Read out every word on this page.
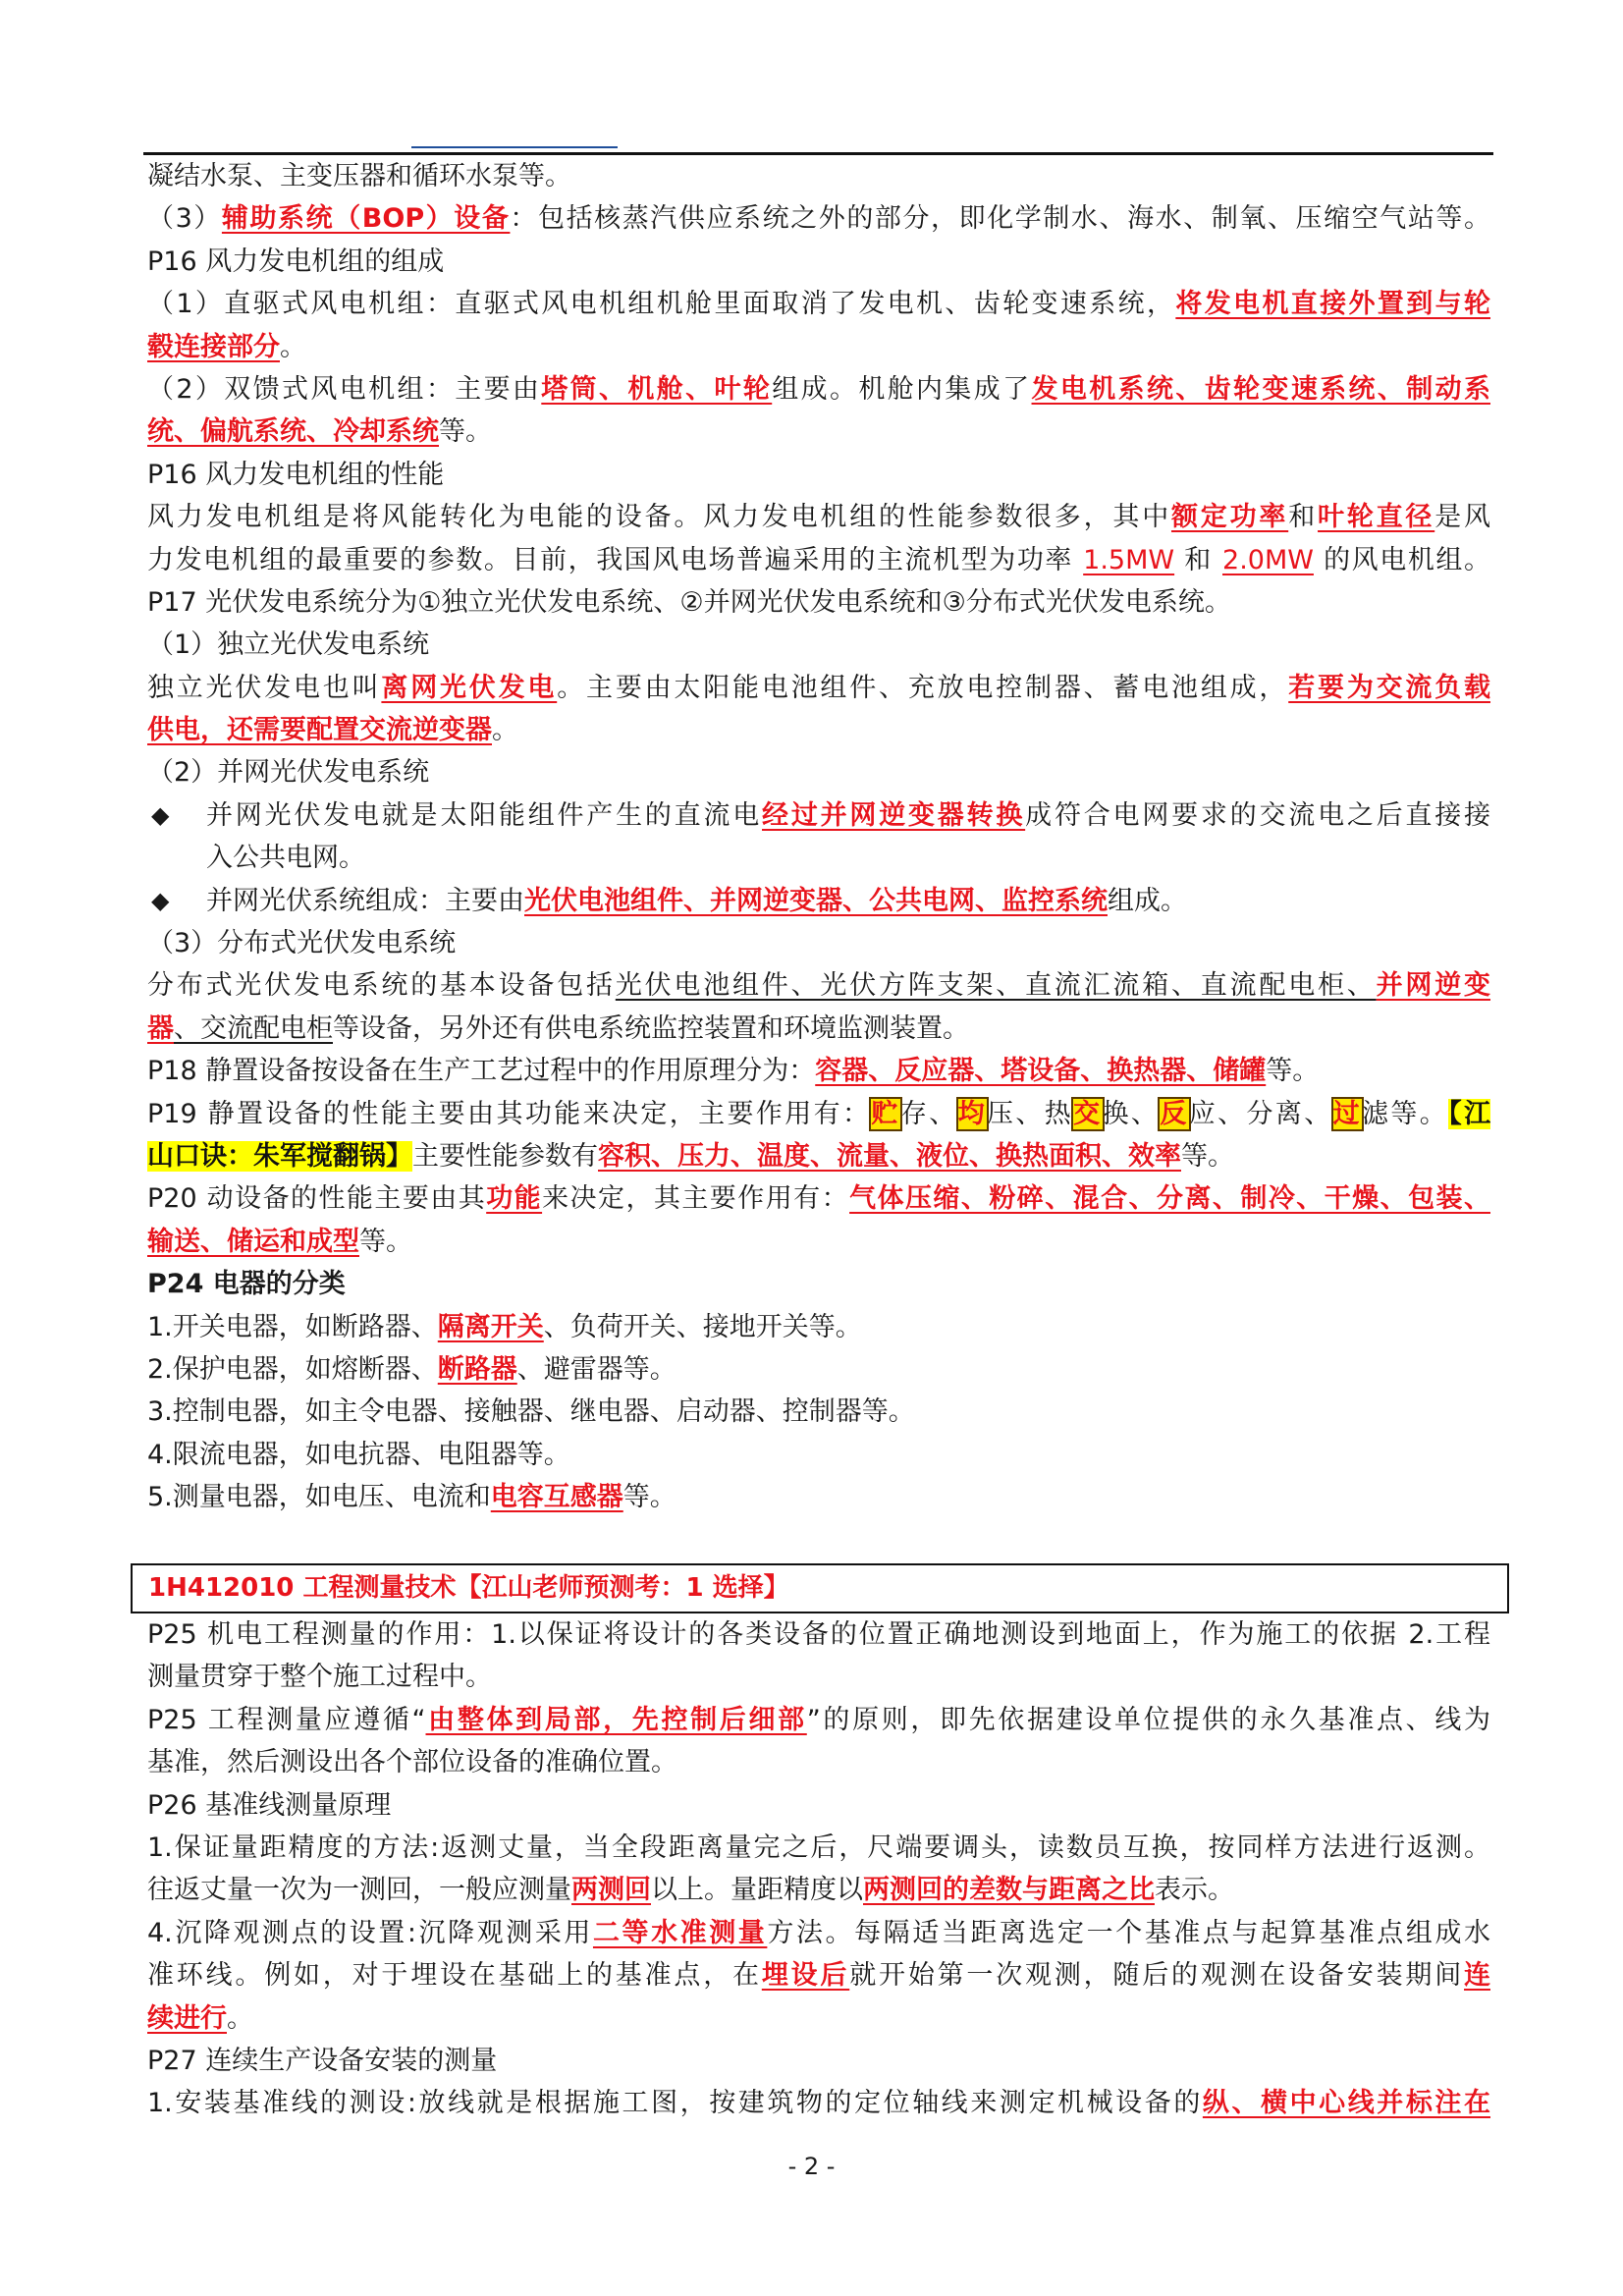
凝结水泵、主变压器和循环水泵等。
（3）辅助系统（BOP）设备：包括核蒸汽供应系统之外的部分，即化学制水、海水、制氧、压缩空气站等。
P16 风力发电机组的组成
（1）直驱式风电机组：直驱式风电机组机舱里面取消了发电机、齿轮变速系统，将发电机直接外置到与轮
毂连接部分。
（2）双馈式风电机组：主要由塔筒、机舱、叶轮组成。机舱内集成了发电机系统、齿轮变速系统、制动系
统、偏航系统、冷却系统等。
P16 风力发电机组的性能
风力发电机组是将风能转化为电能的设备。风力发电机组的性能参数很多，其中额定功率和叶轮直径是风
力发电机组的最重要的参数。目前，我国风电场普遍采用的主流机型为功率 1.5MW 和 2.0MW 的风电机组。
P17 光伏发电系统分为①独立光伏发电系统、②并网光伏发电系统和③分布式光伏发电系统。
（1）独立光伏发电系统
独立光伏发电也叫离网光伏发电。主要由太阳能电池组件、充放电控制器、蓄电池组成，若要为交流负载
供电，还需要配置交流逆变器。
（2）并网光伏发电系统
◆ 并网光伏发电就是太阳能组件产生的直流电经过并网逆变器转换成符合电网要求的交流电之后直接接
入公共电网。
◆ 并网光伏系统组成：主要由光伏电池组件、并网逆变器、公共电网、监控系统组成。
（3）分布式光伏发电系统
分布式光伏发电系统的基本设备包括光伏电池组件、光伏方阵支架、直流汇流箱、直流配电柜、并网逆变
器、交流配电柜等设备，另外还有供电系统监控装置和环境监测装置。
P18 静置设备按设备在生产工艺过程中的作用原理分为：容器、反应器、塔设备、换热器、储罐等。
P19 静置设备的性能主要由其功能来决定，主要作用有：贮存、均压、热交换、反应、分离、过滤等。【江
山口诀：朱军搅翻锅】主要性能参数有容积、压力、温度、流量、液位、换热面积、效率等。
P20 动设备的性能主要由其功能来决定，其主要作用有：气体压缩、粉碎、混合、分离、制冷、干燥、包装、
输送、储运和成型等。
P24 电器的分类
1.开关电器，如断路器、隔离开关、负荷开关、接地开关等。
2.保护电器，如熔断器、断路器、避雷器等。
3.控制电器，如主令电器、接触器、继电器、启动器、控制器等。
4.限流电器，如电抗器、电阻器等。
5.测量电器，如电压、电流和电容互感器等。
1H412010 工程测量技术【江山老师预测考：1 选择】
P25 机电工程测量的作用：1.以保证将设计的各类设备的位置正确地测设到地面上，作为施工的依据 2.工程
测量贯穿于整个施工过程中。
P25 工程测量应遵循“由整体到局部，先控制后细部”的原则，即先依据建设单位提供的永久基准点、线为
基准，然后测设出各个部位设备的准确位置。
P26 基准线测量原理
1.保证量距精度的方法:返测丈量，当全段距离量完之后，尺端要调头，读数员互换，按同样方法进行返测。
往返丈量一次为一测回，一般应测量两测回以上。量距精度以两测回的差数与距离之比表示。
4.沉降观测点的设置:沉降观测采用二等水准测量方法。每隔适当距离选定一个基准点与起算基准点组成水
准环线。例如，对于埋设在基础上的基准点，在埋设后就开始第一次观测，随后的观测在设备安装期间连
续进行。
P27 连续生产设备安装的测量
1.安装基准线的测设:放线就是根据施工图，按建筑物的定位轴线来测定机械设备的纵、横中心线并标注在
- 2 -
